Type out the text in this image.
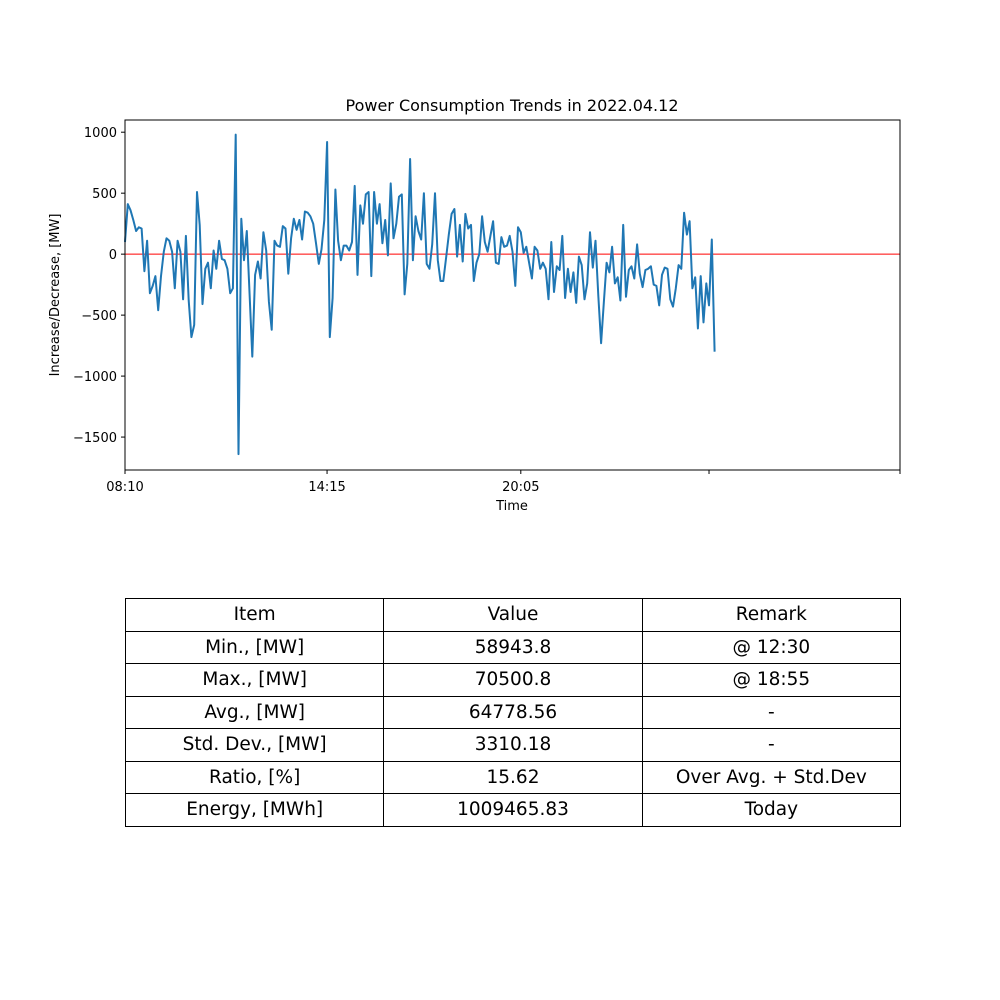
Power Consumption Trends in 2022.04.12
1000
500
0
−500
−1000
−1500
08:10	14:15	20:05
Time
Increase/Decrease, [MW]
Item	Value	Remark
Min., [MW]	58943.8	@ 12:30
Max., [MW]	70500.8	@ 18:55
Avg., [MW]	64778.56	-
Std. Dev., [MW]	3310.18	-
Ratio, [%]	15.62	Over Avg. + Std.Dev
Energy, [MWh]	1009465.83	Today
